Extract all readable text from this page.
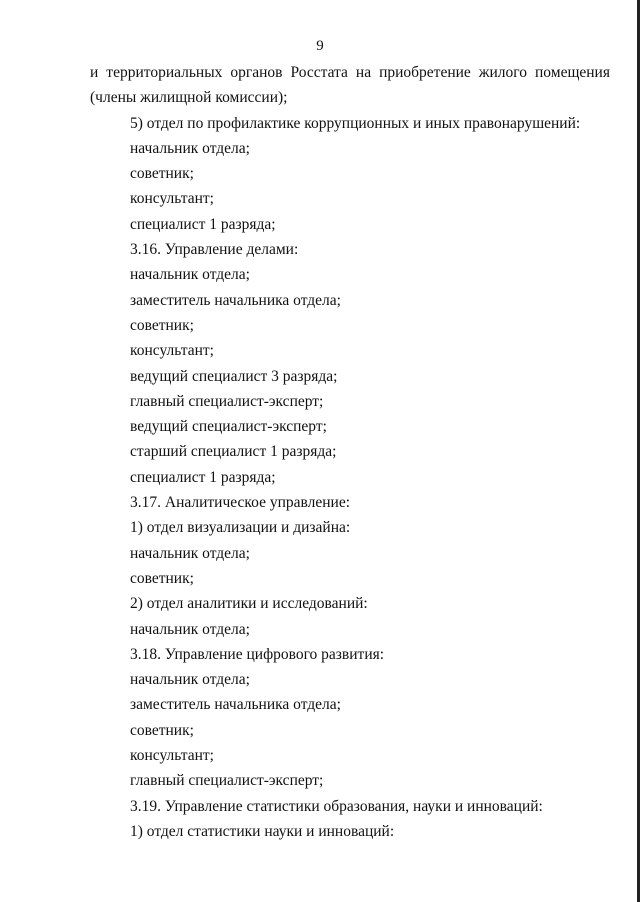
9
и территориальных органов Росстата на приобретение жилого помещения
(члены жилищной комиссии);
5) отдел по профилактике коррупционных и иных правонарушений:
начальник отдела;
советник;
консультант;
специалист 1 разряда;
3.16. Управление делами:
начальник отдела;
заместитель начальника отдела;
советник;
консультант;
ведущий специалист 3 разряда;
главный специалист-эксперт;
ведущий специалист-эксперт;
старший специалист 1 разряда;
специалист 1 разряда;
3.17. Аналитическое управление:
1) отдел визуализации и дизайна:
начальник отдела;
советник;
2) отдел аналитики и исследований:
начальник отдела;
3.18. Управление цифрового развития:
начальник отдела;
заместитель начальника отдела;
советник;
консультант;
главный специалист-эксперт;
3.19. Управление статистики образования, науки и инноваций:
1) отдел статистики науки и инноваций:
